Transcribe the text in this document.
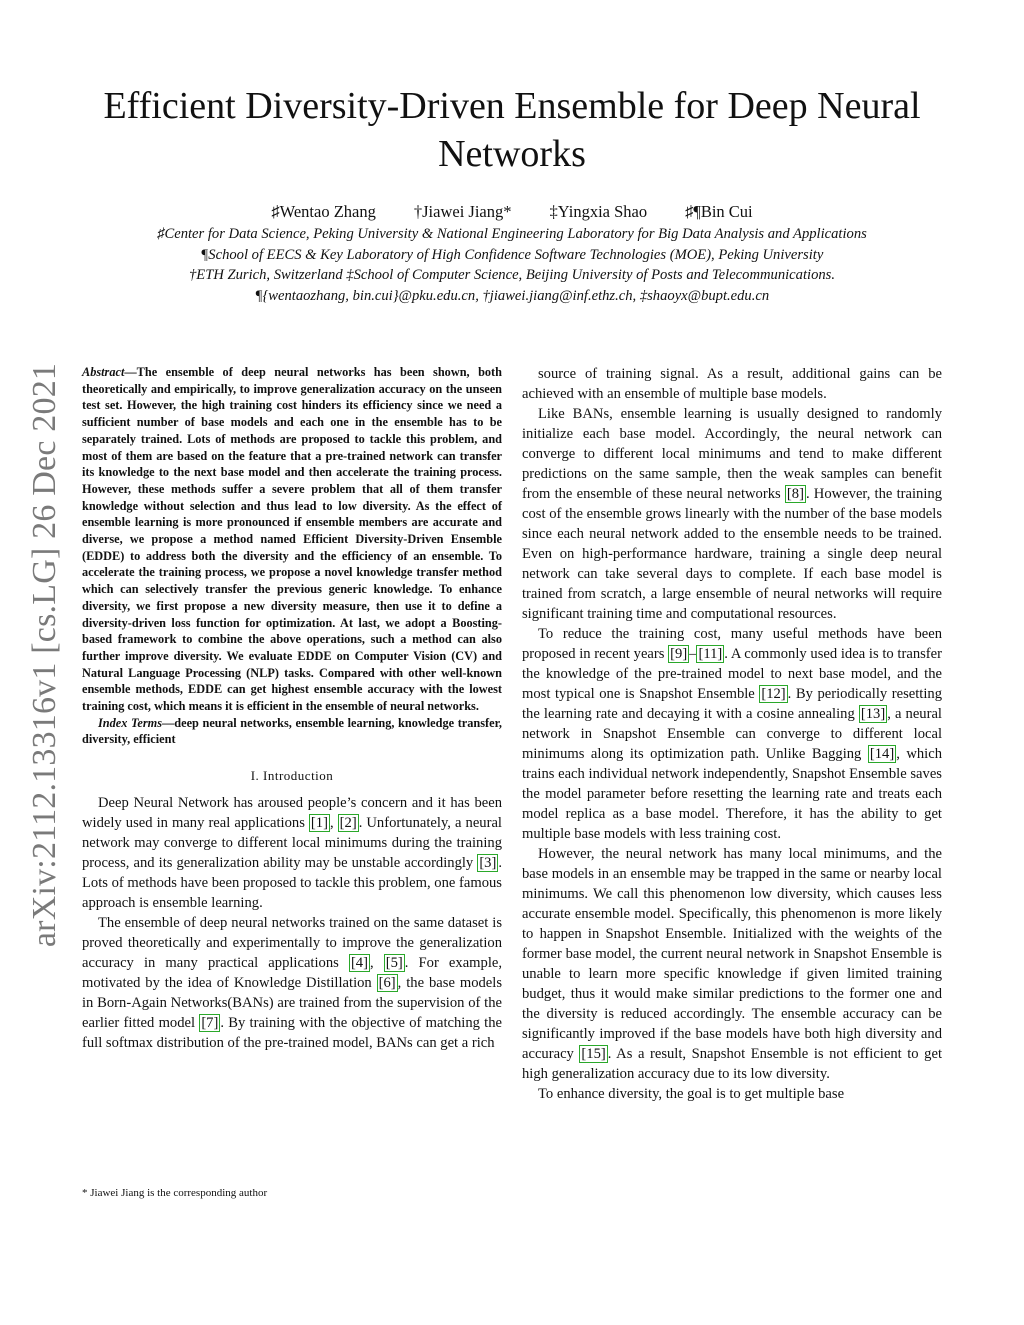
arXiv:2112.13316v1 [cs.LG] 26 Dec 2021
Efficient Diversity-Driven Ensemble for Deep Neural Networks
♯Wentao Zhang †Jiawei Jiang* ‡Yingxia Shao ♯¶Bin Cui

♯Center for Data Science, Peking University & National Engineering Laboratory for Big Data Analysis and Applications

¶School of EECS & Key Laboratory of High Confidence Software Technologies (MOE), Peking University

†ETH Zurich, Switzerland ‡School of Computer Science, Beijing University of Posts and Telecommunications.

¶{wentaozhang, bin.cui}@pku.edu.cn, †jiawei.jiang@inf.ethz.ch, ‡shaoyx@bupt.edu.cn

Abstract—The ensemble of deep neural networks has been shown, both theoretically and empirically, to improve generalization accuracy on the unseen test set. However, the high training cost hinders its efficiency since we need a sufficient number of base models and each one in the ensemble has to be separately trained. Lots of methods are proposed to tackle this problem, and most of them are based on the feature that a pre-trained network can transfer its knowledge to the next base model and then accelerate the training process. However, these methods suffer a severe problem that all of them transfer knowledge without selection and thus lead to low diversity. As the effect of ensemble learning is more pronounced if ensemble members are accurate and diverse, we propose a method named Efficient Diversity-Driven Ensemble (EDDE) to address both the diversity and the efficiency of an ensemble. To accelerate the training process, we propose a novel knowledge transfer method which can selectively transfer the previous generic knowledge. To enhance diversity, we first propose a new diversity measure, then use it to define a diversity-driven loss function for optimization. At last, we adopt a Boosting-based framework to combine the above operations, such a method can also further improve diversity. We evaluate EDDE on Computer Vision (CV) and Natural Language Processing (NLP) tasks. Compared with other well-known ensemble methods, EDDE can get highest ensemble accuracy with the lowest training cost, which means it is efficient in the ensemble of neural networks.

Index Terms—deep neural networks, ensemble learning, knowledge transfer, diversity, efficient

I. Introduction

Deep Neural Network has aroused people’s concern and it has been widely used in many real applications [1] , [2] . Unfortunately, a neural network may converge to different local minimums during the training process, and its generalization ability may be unstable accordingly [3] . Lots of methods have been proposed to tackle this problem, one famous approach is ensemble learning.

The ensemble of deep neural networks trained on the same dataset is proved theoretically and experimentally to improve the generalization accuracy in many practical applications [4] , [5] . For example, motivated by the idea of Knowledge Distillation [6] , the base models in Born-Again Networks(BANs) are trained from the supervision of the earlier fitted model [7] . By training with the objective of matching the full softmax distribution of the pre-trained model, BANs can get a rich

source of training signal. As a result, additional gains can be achieved with an ensemble of multiple base models.

Like BANs, ensemble learning is usually designed to randomly initialize each base model. Accordingly, the neural network can converge to different local minimums and tend to make different predictions on the same sample, then the weak samples can benefit from the ensemble of these neural networks [8] . However, the training cost of the ensemble grows linearly with the number of the base models since each neural network added to the ensemble needs to be trained. Even on high-performance hardware, training a single deep neural network can take several days to complete. If each base model is trained from scratch, a large ensemble of neural networks will require significant training time and computational resources.

To reduce the training cost, many useful methods have been proposed in recent years [9] – [11] . A commonly used idea is to transfer the knowledge of the pre-trained model to next base model, and the most typical one is Snapshot Ensemble [12] . By periodically resetting the learning rate and decaying it with a cosine annealing [13] , a neural network in Snapshot Ensemble can converge to different local minimums along its optimization path. Unlike Bagging [14] , which trains each individual network independently, Snapshot Ensemble saves the model parameter before resetting the learning rate and treats each model replica as a base model. Therefore, it has the ability to get multiple base models with less training cost.

However, the neural network has many local minimums, and the base models in an ensemble may be trapped in the same or nearby local minimums. We call this phenomenon low diversity, which causes less accurate ensemble model. Specifically, this phenomenon is more likely to happen in Snapshot Ensemble. Initialized with the weights of the former base model, the current neural network in Snapshot Ensemble is unable to learn more specific knowledge if given limited training budget, thus it would make similar predictions to the former one and the diversity is reduced accordingly. The ensemble accuracy can be significantly improved if the base models have both high diversity and accuracy [15] . As a result, Snapshot Ensemble is not efficient to get high generalization accuracy due to its low diversity.

To enhance diversity, the goal is to get multiple base

* Jiawei Jiang is the corresponding author
